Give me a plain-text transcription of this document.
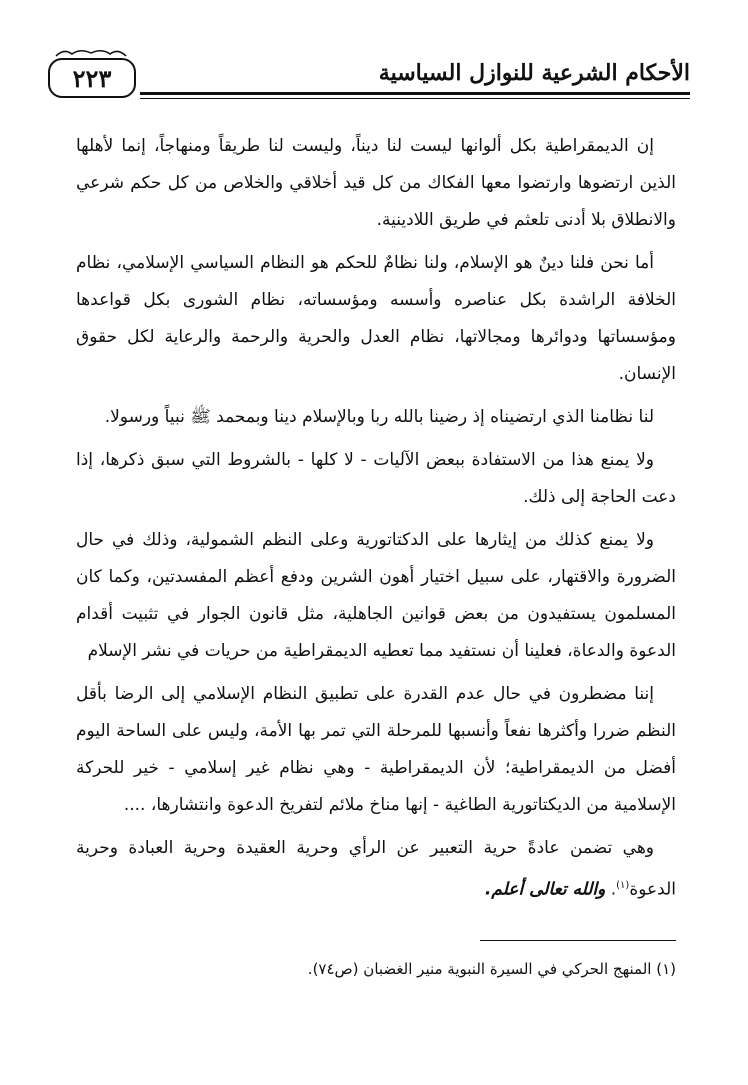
٢٢٣	الأحكام الشرعية للنوازل السياسية

إن الديمقراطية بكل ألوانها ليست لنا ديناً، وليست لنا طريقاً ومنهاجاً، إنما لأهلها الذين ارتضوها وارتضوا معها الفكاك من كل قيد أخلاقي والخلاص من كل حكم شرعي والانطلاق بلا أدنى تلعثم في طريق اللادينية.

أما نحن فلنا دينٌ هو الإسلام، ولنا نظامٌ للحكم هو النظام السياسي الإسلامي، نظام الخلافة الراشدة بكل عناصره وأسسه ومؤسساته، نظام الشورى بكل قواعدها ومؤسساتها ودوائرها ومجالاتها، نظام العدل والحرية والرحمة والرعاية لكل حقوق الإنسان.

لنا نظامنا الذي ارتضيناه إذ رضينا بالله ربا وبالإسلام دينا وبمحمد ﷺ نبياً ورسولا.

ولا يمنع هذا من الاستفادة ببعض الآليات - لا كلها - بالشروط التي سبق ذكرها، إذا دعت الحاجة إلى ذلك.

ولا يمنع كذلك من إيثارها على الدكتاتورية وعلى النظم الشمولية، وذلك في حال الضرورة والاقتهار، على سبيل اختيار أهون الشرين ودفع أعظم المفسدتين، وكما كان المسلمون يستفيدون من بعض قوانين الجاهلية، مثل قانون الجوار في تثبيت أقدام الدعوة والدعاة، فعلينا أن نستفيد مما تعطيه الديمقراطية من حريات في نشر الإسلام

إننا مضطرون في حال عدم القدرة على تطبيق النظام الإسلامي إلى الرضا بأقل النظم ضررا وأكثرها نفعاً وأنسبها للمرحلة التي تمر بها الأمة، وليس على الساحة اليوم أفضل من الديمقراطية؛ لأن الديمقراطية - وهي نظام غير إسلامي - خير للحركة الإسلامية من الديكتاتورية الطاغية - إنها مناخ ملائم لتفريخ الدعوة وانتشارها، ....

وهي تضمن عادةً حرية التعبير عن الرأي وحرية العقيدة وحرية العبادة وحرية الدعوة$^{(١)}$. والله تعالى أعلم.

(١) المنهج الحركي في السيرة النبوية منير الغضبان (ص٧٤).
